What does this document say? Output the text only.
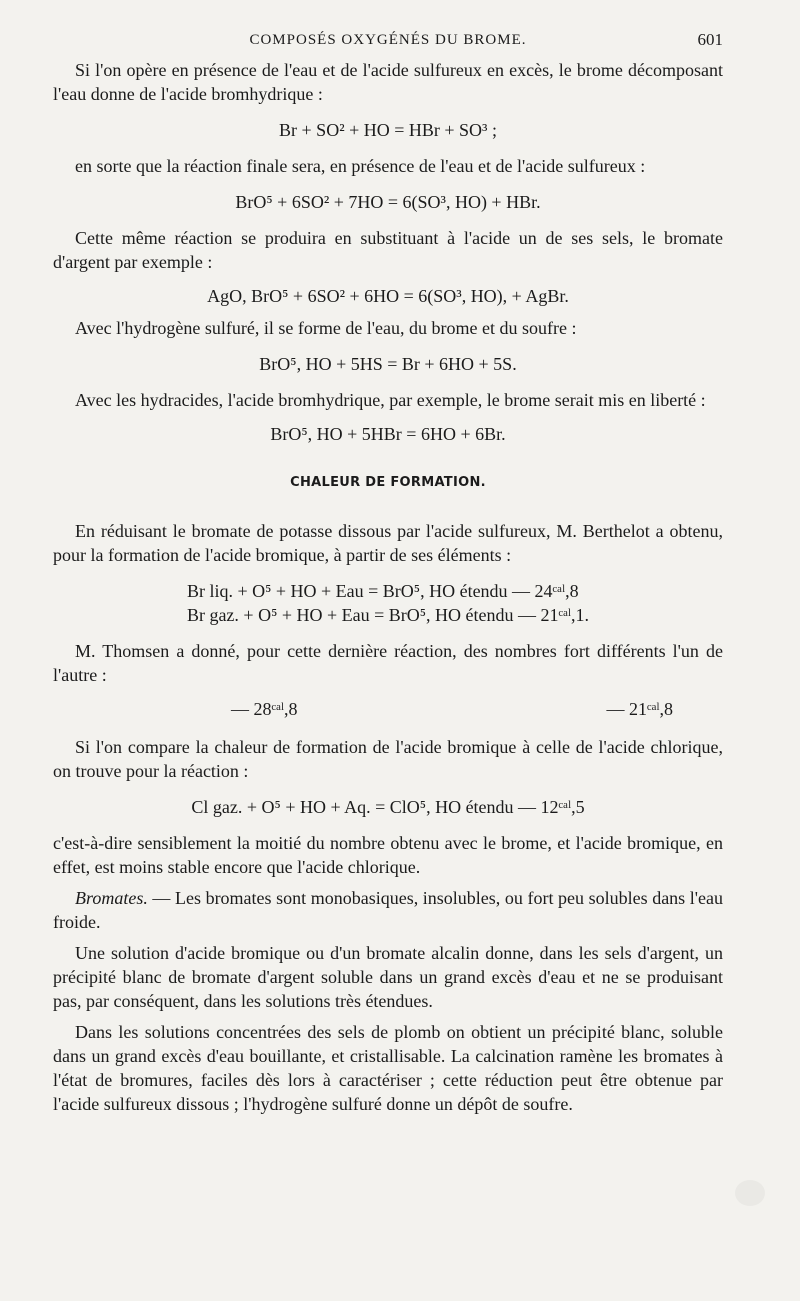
COMPOSÉS OXYGÉNÉS DU BROME.	601

Si l'on opère en présence de l'eau et de l'acide sulfureux en excès, le brome décomposant l'eau donne de l'acide bromhydrique :

Br + SO² + HO = HBr + SO³ ;

en sorte que la réaction finale sera, en présence de l'eau et de l'acide sulfureux :

BrO⁵ + 6SO² + 7HO = 6(SO³, HO) + HBr.

Cette même réaction se produira en substituant à l'acide un de ses sels, le bromate d'argent par exemple :

AgO, BrO⁵ + 6SO² + 6HO = 6(SO³, HO), + AgBr.

Avec l'hydrogène sulfuré, il se forme de l'eau, du brome et du soufre :

BrO⁵, HO + 5HS = Br + 6HO + 5S.

Avec les hydracides, l'acide bromhydrique, par exemple, le brome serait mis en liberté :

BrO⁵, HO + 5HBr = 6HO + 6Br.
CHALEUR DE FORMATION.

En réduisant le bromate de potasse dissous par l'acide sulfureux, M. Berthelot a obtenu, pour la formation de l'acide bromique, à partir de ses éléments :

Br liq. + O⁵ + HO + Eau = BrO⁵, HO étendu — 24ᶜᵃˡ,8
Br gaz. + O⁵ + HO + Eau = BrO⁵, HO étendu — 21ᶜᵃˡ,1.

M. Thomsen a donné, pour cette dernière réaction, des nombres fort différents l'un de l'autre :

— 28ᶜᵃˡ,8	— 21ᶜᵃˡ,8

Si l'on compare la chaleur de formation de l'acide bromique à celle de l'acide chlorique, on trouve pour la réaction :

Cl gaz. + O⁵ + HO + Aq. = ClO⁵, HO étendu — 12ᶜᵃˡ,5

c'est-à-dire sensiblement la moitié du nombre obtenu avec le brome, et l'acide bromique, en effet, est moins stable encore que l'acide chlorique.

Bromates. — Les bromates sont monobasiques, insolubles, ou fort peu solubles dans l'eau froide.

Une solution d'acide bromique ou d'un bromate alcalin donne, dans les sels d'argent, un précipité blanc de bromate d'argent soluble dans un grand excès d'eau et ne se produisant pas, par conséquent, dans les solutions très étendues.

Dans les solutions concentrées des sels de plomb on obtient un précipité blanc, soluble dans un grand excès d'eau bouillante, et cristallisable. La calcination ramène les bromates à l'état de bromures, faciles dès lors à caractériser ; cette réduction peut être obtenue par l'acide sulfureux dissous ; l'hydrogène sulfuré donne un dépôt de soufre.
